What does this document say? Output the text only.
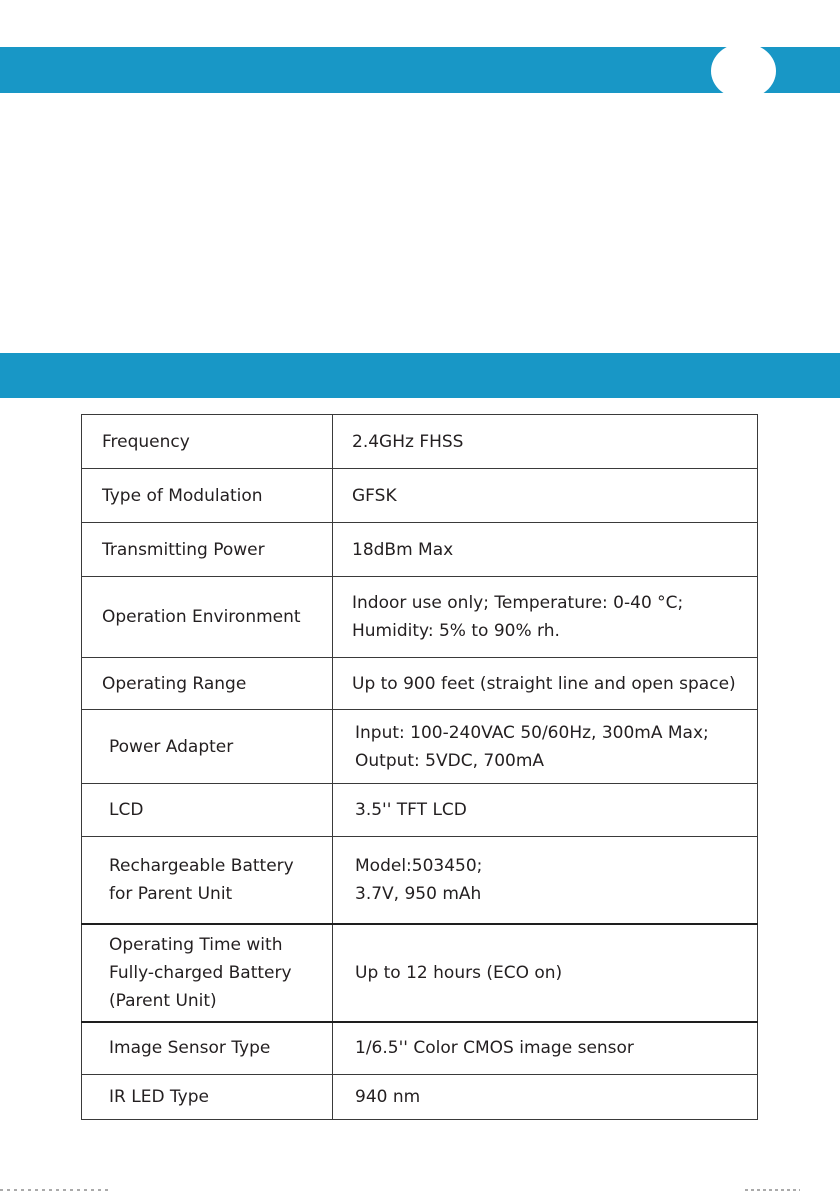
Frequency	2.4GHz FHSS
Type of Modulation	GFSK
Transmitting Power	18dBm Max
Operation Environment	Indoor use only; Temperature: 0-40 °C;
Humidity: 5% to 90% rh.
Operating Range	Up to 900 feet (straight line and open space)
Power Adapter	Input: 100-240VAC 50/60Hz, 300mA Max;
Output: 5VDC, 700mA
LCD	3.5'' TFT LCD
Rechargeable Battery
for Parent Unit	Model:503450;
3.7V, 950 mAh
Operating Time with
Fully-charged Battery
(Parent Unit)	Up to 12 hours (ECO on)
Image Sensor Type	1/6.5'' Color CMOS image sensor
IR LED Type	940 nm
